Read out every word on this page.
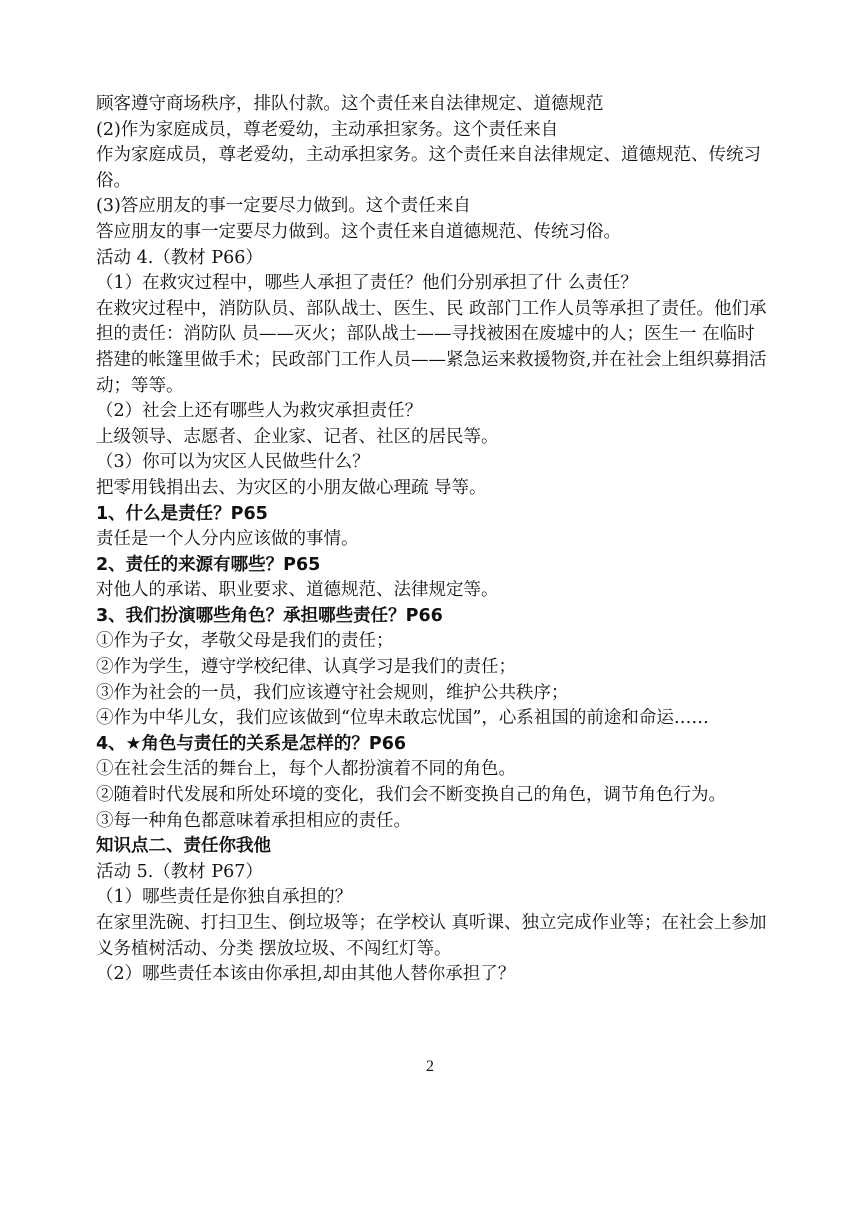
顾客遵守商场秩序，排队付款。这个责任来自法律规定、道德规范

(2)作为家庭成员，尊老爱幼，主动承担家务。这个责任来自

作为家庭成员，尊老爱幼，主动承担家务。这个责任来自法律规定、道德规范、传统习俗。

(3)答应朋友的事一定要尽力做到。这个责任来自

答应朋友的事一定要尽力做到。这个责任来自道德规范、传统习俗。

活动 4.（教材 P66）

（1）在救灾过程中，哪些人承担了责任？他们分别承担了什 么责任？

在救灾过程中，消防队员、部队战士、医生、民 政部门工作人员等承担了责任。他们承担的责任：消防队 员——灭火；部队战士——寻找被困在废墟中的人；医生一 在临时搭建的帐篷里做手术；民政部门工作人员——紧急运来救援物资,并在社会上组织募捐活动；等等。

（2）社会上还有哪些人为救灾承担责任？

上级领导、志愿者、企业家、记者、社区的居民等。

（3）你可以为灾区人民做些什么？

把零用钱捐出去、为灾区的小朋友做心理疏 导等。

1、什么是责任？P65

责任是一个人分内应该做的事情。

2、责任的来源有哪些？P65

对他人的承诺、职业要求、道德规范、法律规定等。

3、我们扮演哪些角色？承担哪些责任？P66

①作为子女，孝敬父母是我们的责任；

②作为学生，遵守学校纪律、认真学习是我们的责任；

③作为社会的一员，我们应该遵守社会规则，维护公共秩序；

④作为中华儿女，我们应该做到“位卑未敢忘忧国”，心系祖国的前途和命运……

4、★角色与责任的关系是怎样的？P66

①在社会生活的舞台上，每个人都扮演着不同的角色。

②随着时代发展和所处环境的变化，我们会不断变换自己的角色，调节角色行为。

③每一种角色都意味着承担相应的责任。

知识点二、责任你我他

活动 5.（教材 P67）

（1）哪些责任是你独自承担的？

在家里洗碗、打扫卫生、倒垃圾等；在学校认 真听课、独立完成作业等；在社会上参加义务植树活动、分类 摆放垃圾、不闯红灯等。

（2）哪些责任本该由你承担,却由其他人替你承担了？

2
